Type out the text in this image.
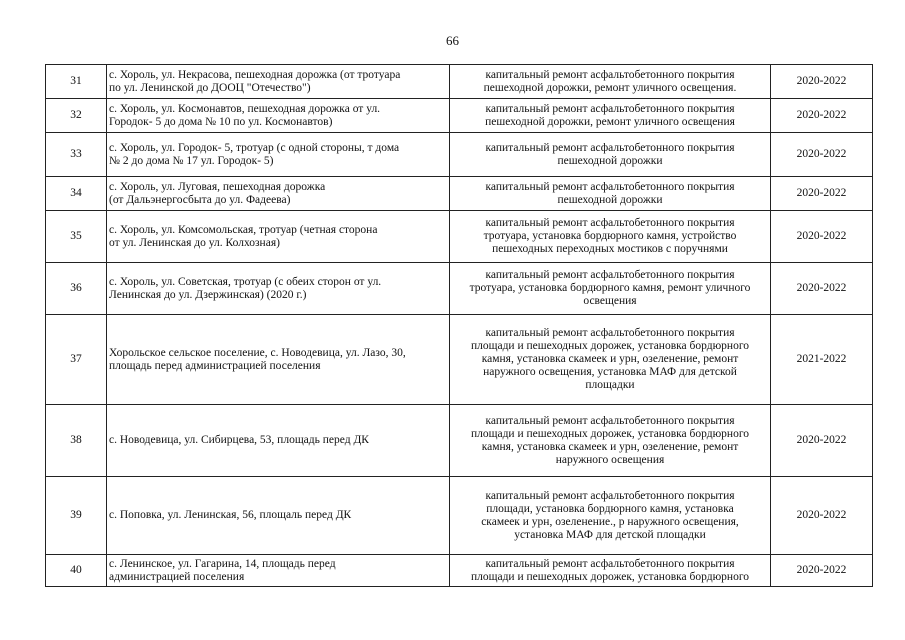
66
31	с. Хороль, ул. Некрасова, пешеходная дорожка (от тротуара
по ул. Ленинской до ДООЦ "Отечество")	капитальный ремонт асфальтобетонного покрытия
пешеходной дорожки, ремонт уличного освещения.	2020-2022
32	с. Хороль, ул. Космонавтов, пешеходная дорожка от ул.
Городок- 5 до дома № 10 по ул. Космонавтов)	капитальный ремонт асфальтобетонного покрытия
пешеходной дорожки, ремонт уличного освещения	2020-2022
33	с. Хороль, ул. Городок- 5, тротуар (с одной стороны, т дома
№ 2 до дома № 17 ул. Городок- 5)	капитальный ремонт асфальтобетонного покрытия
пешеходной дорожки	2020-2022
34	с. Хороль, ул. Луговая, пешеходная дорожка
(от Дальэнергосбыта до ул. Фадеева)	капитальный ремонт асфальтобетонного покрытия
пешеходной дорожки	2020-2022
35	с. Хороль, ул. Комсомольская, тротуар (четная сторона
от ул. Ленинская до ул. Колхозная)	капитальный ремонт асфальтобетонного покрытия
тротуара, установка бордюрного камня, устройство
пешеходных переходных мостиков с поручнями	2020-2022
36	с. Хороль, ул. Советская, тротуар (с обеих сторон от ул.
Ленинская до ул. Дзержинская) (2020 г.)	капитальный ремонт асфальтобетонного покрытия
тротуара, установка бордюрного камня, ремонт уличного
освещения	2020-2022
37	Хорольское сельское поселение, с. Новодевица, ул. Лазо, 30,
площадь перед администрацией поселения	капитальный ремонт асфальтобетонного покрытия
площади и пешеходных дорожек, установка бордюрного
камня, установка скамеек и урн, озеленение, ремонт
наружного освещения, установка МАФ для детской
площадки	2021-2022
38	с. Новодевица, ул. Сибирцева, 53, площадь перед ДК	капитальный ремонт асфальтобетонного покрытия
площади и пешеходных дорожек, установка бордюрного
камня, установка скамеек и урн, озеленение, ремонт
наружного освещения	2020-2022
39	с. Поповка, ул. Ленинская, 56, площаль перед ДК	капитальный ремонт асфальтобетонного покрытия
площади, установка бордюрного камня, установка
скамеек и урн, озеленение., р наружного освещения,
установка МАФ для детской площадки	2020-2022
40	с. Ленинское, ул. Гагарина, 14, площадь перед
администрацией поселения	капитальный ремонт асфальтобетонного покрытия
площади и пешеходных дорожек, установка бордюрного	2020-2022
